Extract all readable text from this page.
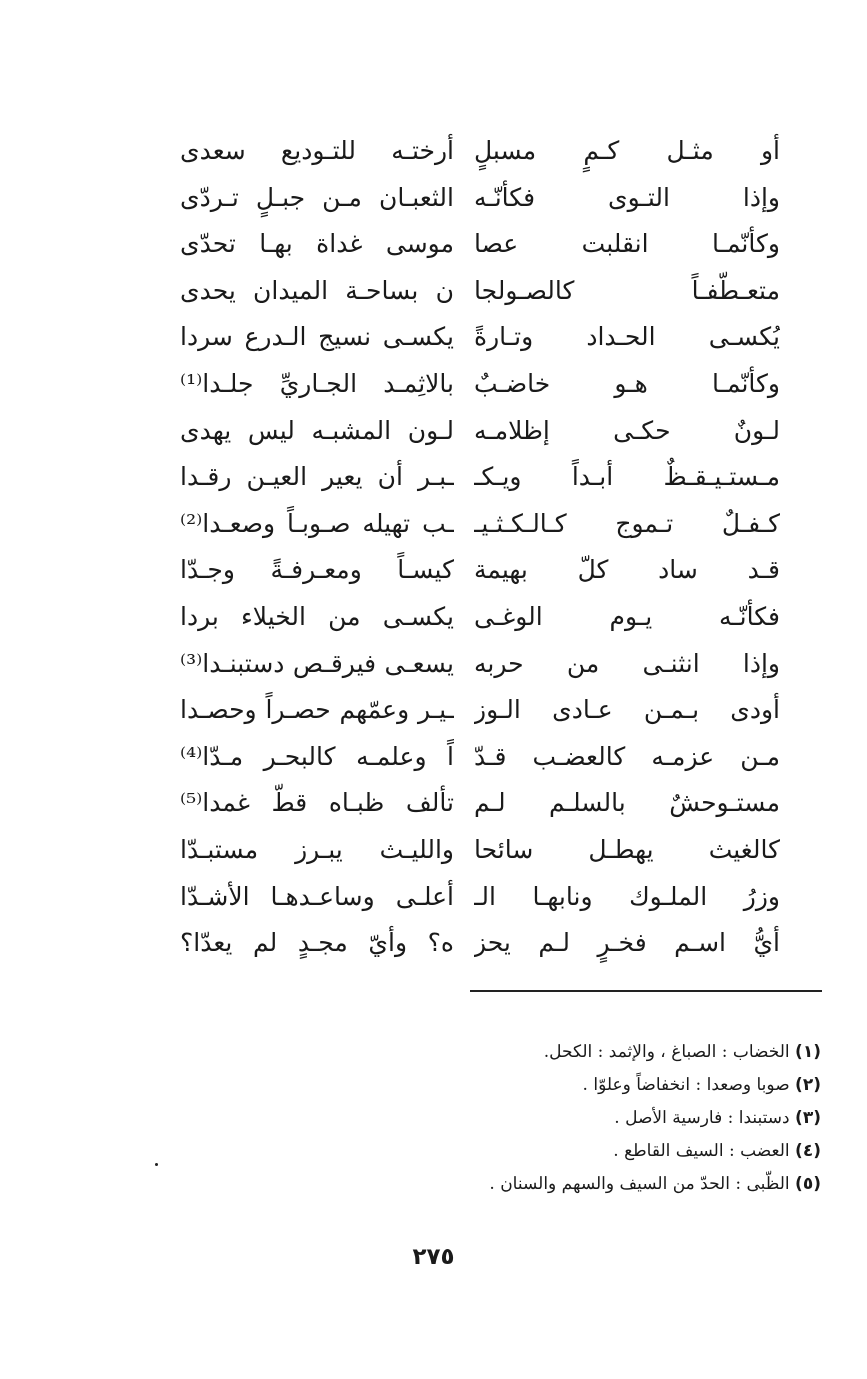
أو مثـل كـمٍ مسبلٍ
أرختـه للتـوديع سعدى
وإذا التـوى فكأنّـه
الثعبـان مـن جبـلٍ تـردّى
وكأنّمـا انقلبت عصا
موسى غداة بهـا تحدّى
متعـطّفـاً كالصـولجا
ن بساحـة الميدان يحدى
يُكسـى الحـداد وتـارةً
يكسـى نسيج الـدرع سردا
وكأنّمـا هـو خاضـبٌ
بالاثِمـد الجـاريِّ جلـدا⁽¹⁾
لـونٌ حكـى إظلامـه
لـون المشبـه ليس يهدى
مـستـيـقـظٌ أبـداً ويـكـ
ـبـر أن يعير العيـن رقـدا
كـفـلٌ تـموج كـالـكـثـيـ
ـب تهيله صـوبـاً وصعـدا⁽²⁾
قـد ساد كلّ بهيمة
كيسـاً ومعـرفـةً وجـدّا
فكأنّـه يـوم الوغـى
يكسـى من الخيلاء بردا
وإذا انثنـى من حربه
يسعـى فيرقـص دستبنـدا⁽³⁾
أودى بـمـن عـادى الـوز
ـيـر وعمّهم حصـراً وحصـدا
مـن عزمـه كالعضـب قـدّ
اً وعلمـه كالبحـر مـدّا⁽⁴⁾
مستـوحشٌ بالسلـم لـم
تألف ظبـاه قطّ غمدا⁽⁵⁾
كالغيث يهطـل سائحا
والليـث يبـرز مستبـدّا
وزرُ الملـوك ونابهـا الـ
أعلـى وساعـدهـا الأشـدّا
أيُّ اسـم فخـرٍ لـم يحز
ه؟ وأيّ مجـدٍ لم يعدّا؟
(١) الخضاب : الصباغ ، والإثمد : الكحل.
(٢) صوبا وصعدا : انخفاضاً وعلوّا .
(٣) دستبندا : فارسية الأصل .
(٤) العضب : السيف القاطع .
(٥) الظّبى : الحدّ من السيف والسهم والسنان .
٢٧٥
